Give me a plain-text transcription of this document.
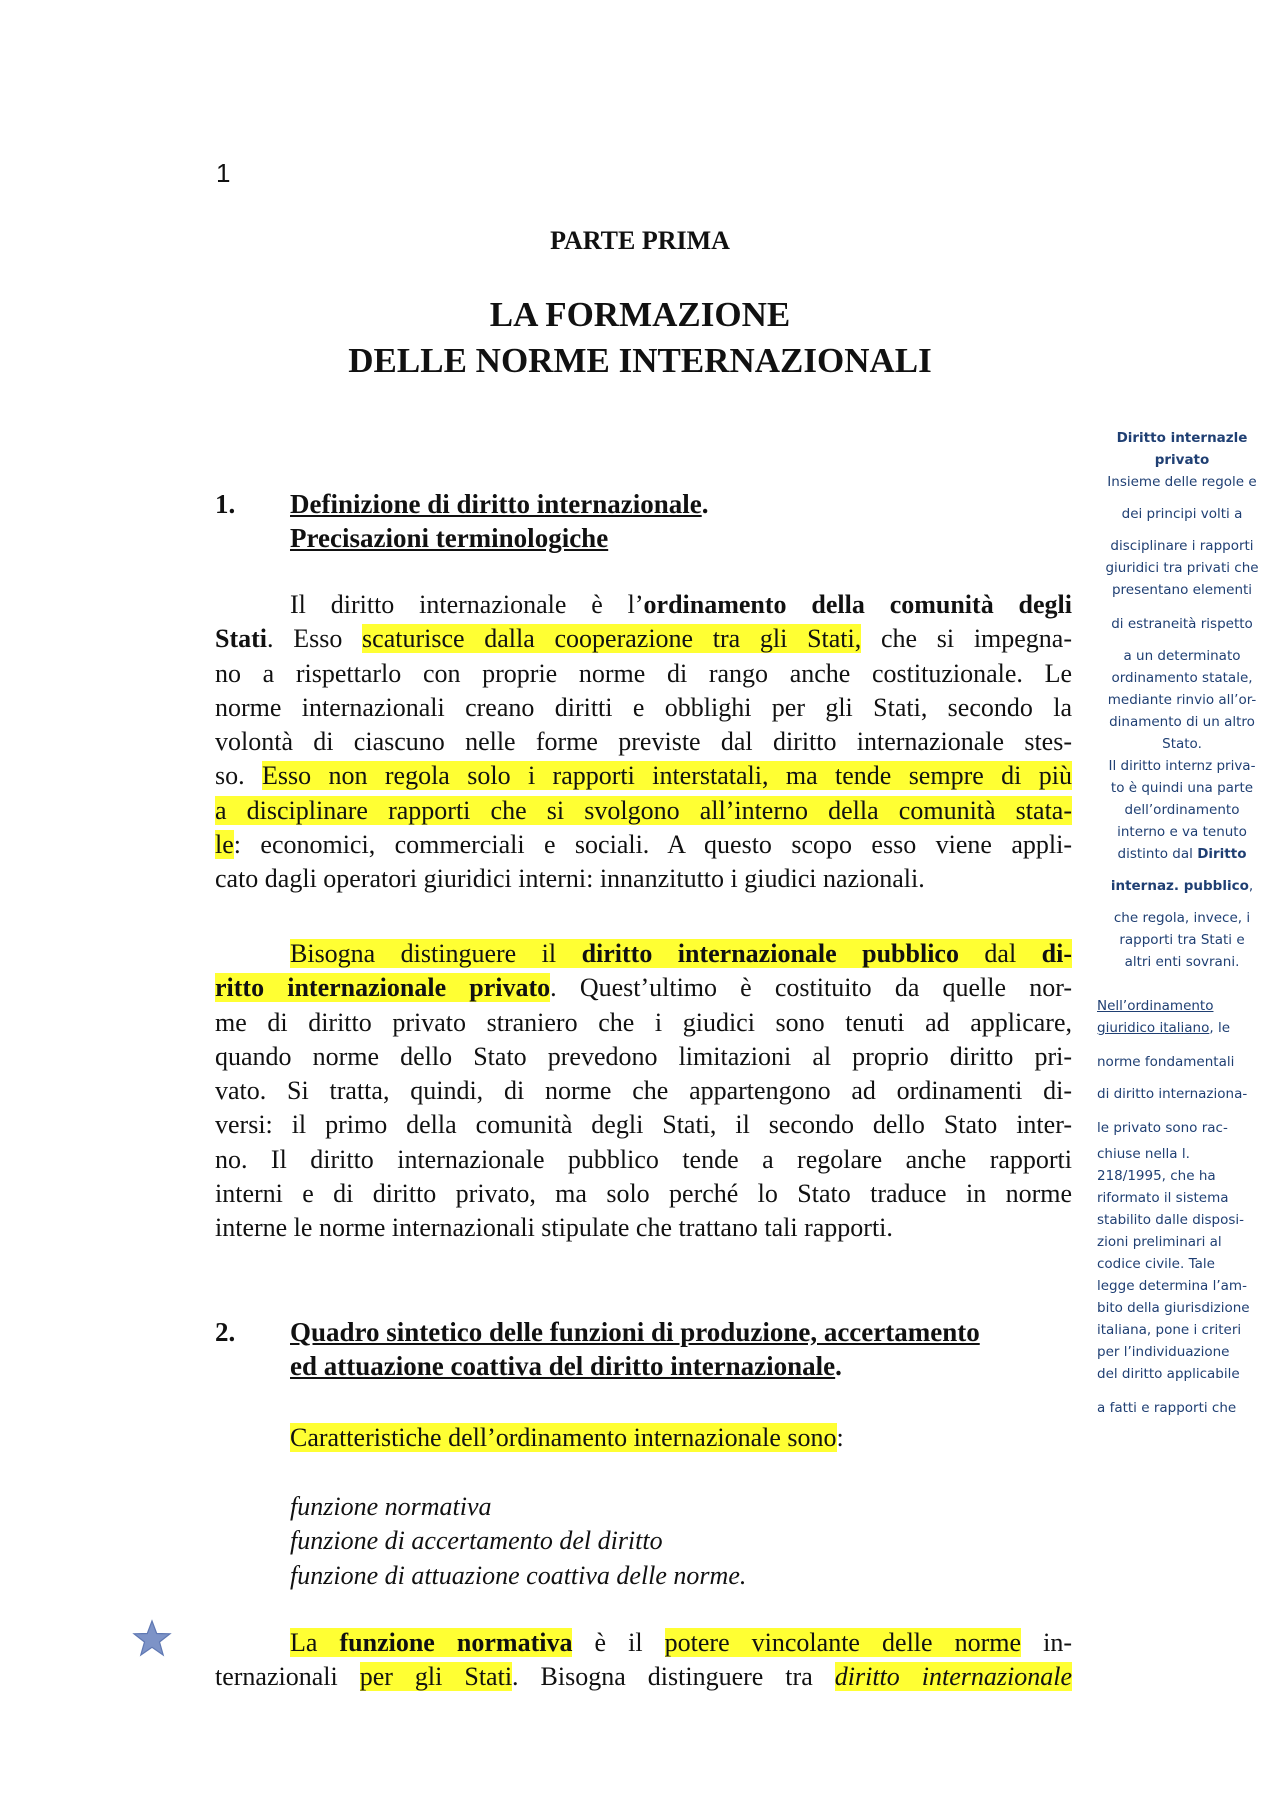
1
PARTE PRIMA
LA FORMAZIONE
DELLE NORME INTERNAZIONALI
1. Definizione di diritto internazionale.
Precisazioni terminologiche
Il diritto internazionale è l’ordinamento della comunità degli
Stati. Esso scaturisce dalla cooperazione tra gli Stati, che si impegna-
no a rispettarlo con proprie norme di rango anche costituzionale. Le
norme internazionali creano diritti e obblighi per gli Stati, secondo la
volontà di ciascuno nelle forme previste dal diritto internazionale stes-
so. Esso non regola solo i rapporti interstatali, ma tende sempre di più
a disciplinare rapporti che si svolgono all’interno della comunità stata-
le: economici, commerciali e sociali. A questo scopo esso viene appli-
cato dagli operatori giuridici interni: innanzitutto i giudici nazionali.
Bisogna distinguere il diritto internazionale pubblico dal di-
ritto internazionale privato. Quest’ultimo è costituito da quelle nor-
me di diritto privato straniero che i giudici sono tenuti ad applicare,
quando norme dello Stato prevedono limitazioni al proprio diritto pri-
vato. Si tratta, quindi, di norme che appartengono ad ordinamenti di-
versi: il primo della comunità degli Stati, il secondo dello Stato inter-
no. Il diritto internazionale pubblico tende a regolare anche rapporti
interni e di diritto privato, ma solo perché lo Stato traduce in norme
interne le norme internazionali stipulate che trattano tali rapporti.
2. Quadro sintetico delle funzioni di produzione, accertamento
ed attuazione coattiva del diritto internazionale.
Caratteristiche dell’ordinamento internazionale sono:
funzione normativa
funzione di accertamento del diritto
funzione di attuazione coattiva delle norme.
La funzione normativa è il potere vincolante delle norme in-
ternazionali per gli Stati. Bisogna distinguere tra diritto internazionale
Diritto internazle
privato
Insieme delle regole e
dei principi volti a
disciplinare i rapporti
giuridici tra privati che
presentano elementi
di estraneità rispetto
a un determinato
ordinamento statale,
mediante rinvio all’or-
dinamento di un altro
Stato.
Il diritto internz priva-
to è quindi una parte
dell’ordinamento
interno e va tenuto
distinto dal Diritto
internaz. pubblico,
che regola, invece, i
rapporti tra Stati e
altri enti sovrani.
Nell’ordinamento
giuridico italiano, le
norme fondamentali
di diritto internaziona-
le privato sono rac-
chiuse nella l.
218/1995, che ha
riformato il sistema
stabilito dalle disposi-
zioni preliminari al
codice civile. Tale
legge determina l’am-
bito della giurisdizione
italiana, pone i criteri
per l’individuazione
del diritto applicabile
a fatti e rapporti che
